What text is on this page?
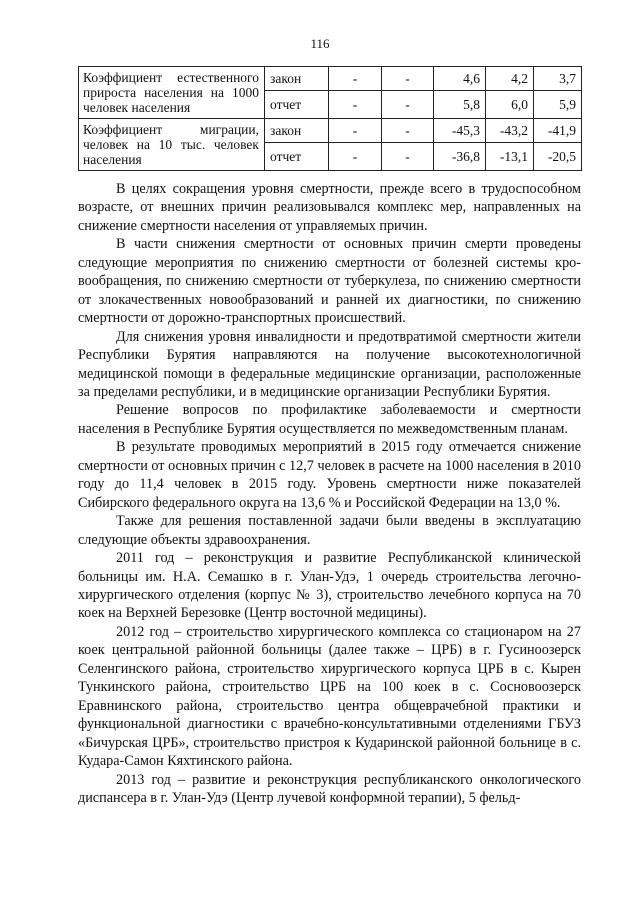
116
Коэффициент естественного прироста населения на 1000 человек населения	закон	-	-	4,6	4,2	3,7
	отчет	-	-	5,8	6,0	5,9
Коэффициент миграции, человек на 10 тыс. человек населения	закон	-	-	-45,3	-43,2	-41,9
	отчет	-	-	-36,8	-13,1	-20,5

В целях сокращения уровня смертности, прежде всего в трудоспособном возрасте, от внешних причин реализовывался комплекс мер, направленных на снижение смертности населения от управляемых причин.

В части снижения смертности от основных причин смерти проведены следующие мероприятия по снижению смертности от болезней системы кровообращения, по снижению смертности от туберкулеза, по снижению смертности от злокачественных новообразований и ранней их диагностики, по снижению смертности от дорожно-транспортных происшествий.

Для снижения уровня инвалидности и предотвратимой смертности жители Республики Бурятия направляются на получение высокотехнологичной медицинской помощи в федеральные медицинские организации, расположенные за пределами республики, и в медицинские организации Республики Бурятия.

Решение вопросов по профилактике заболеваемости и смертности населения в Республике Бурятия осуществляется по межведомственным планам.

В результате проводимых мероприятий в 2015 году отмечается снижение смертности от основных причин с 12,7 человек в расчете на 1000 населения в 2010 году до 11,4 человек в 2015 году. Уровень смертности ниже показателей Сибирского федерального округа на 13,6 % и Российской Федерации на 13,0 %.

Также для решения поставленной задачи были введены в эксплуатацию следующие объекты здравоохранения.

2011 год – реконструкция и развитие Республиканской клинической больницы им. Н.А. Семашко в г. Улан-Удэ, 1 очередь строительства легочно-хирургического отделения (корпус № 3), строительство лечебного корпуса на 70 коек на Верхней Березовке (Центр восточной медицины).

2012 год – строительство хирургического комплекса со стационаром на 27 коек центральной районной больницы (далее также – ЦРБ) в г. Гусиноозерск Селенгинского района, строительство хирургического корпуса ЦРБ в с. Кырен Тункинского района, строительство ЦРБ на 100 коек в с. Сосновоозерск Еравнинского района, строительство центра общеврачебной практики и функциональной диагностики с врачебно-консультативными отделениями ГБУЗ «Бичурская ЦРБ», строительство пристроя к Кударинской районной больнице в с. Кудара-Самон Кяхтинского района.

2013 год – развитие и реконструкция республиканского онкологического диспансера в г. Улан-Удэ (Центр лучевой конформной терапии), 5 фельд-
